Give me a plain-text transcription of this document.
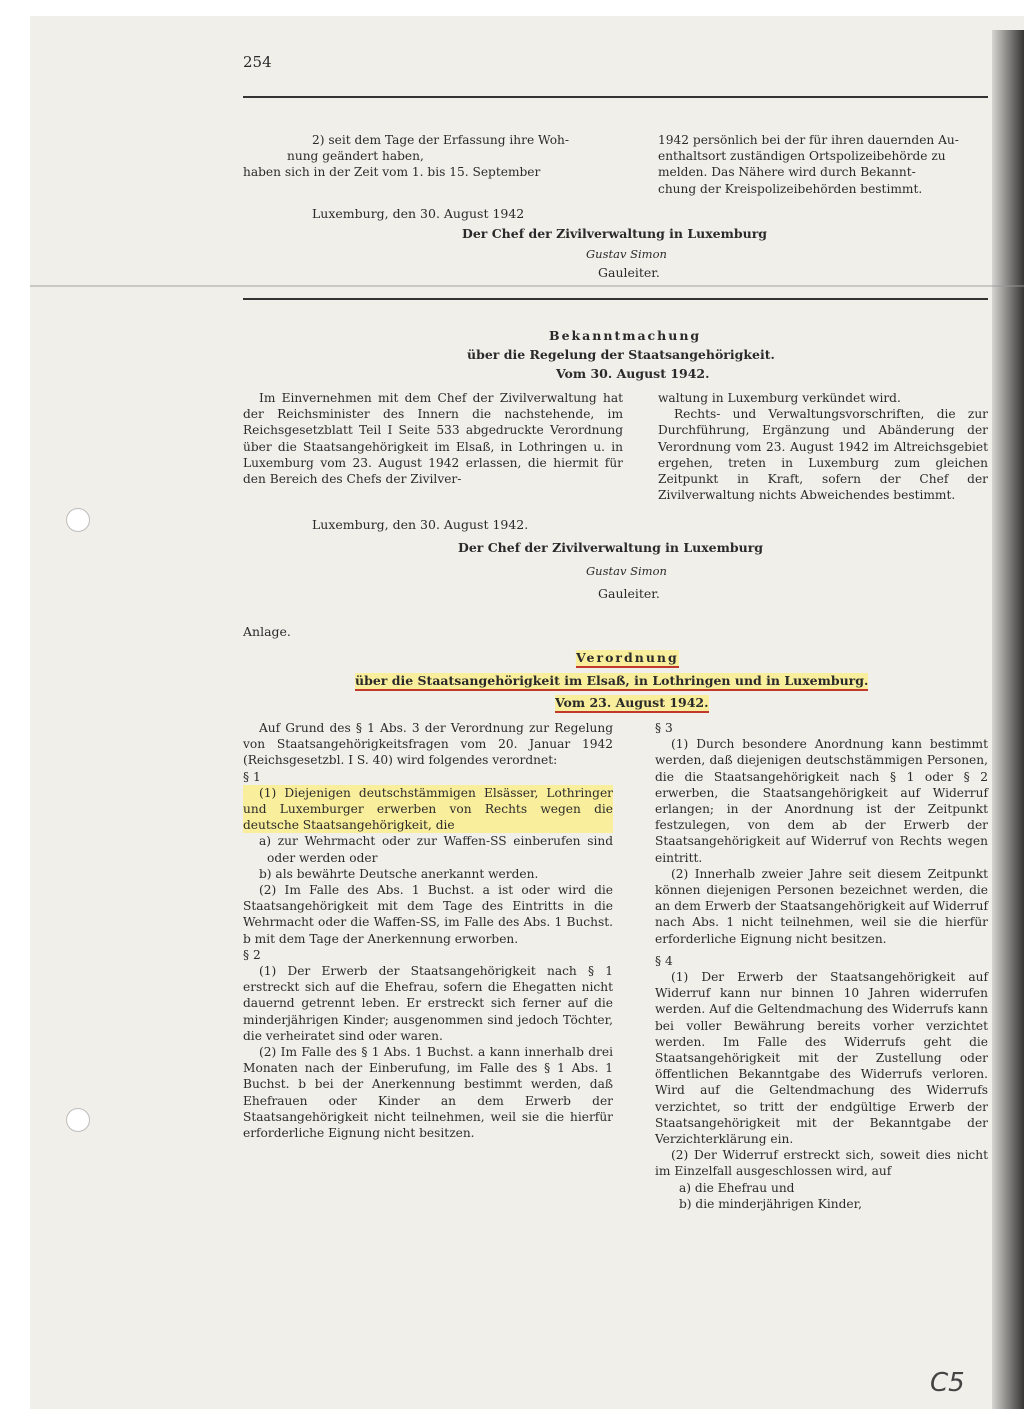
254

2) seit dem Tage der Erfassung ihre Woh-

nung geändert haben,

haben sich in der Zeit vom 1. bis 15. September

1942 persönlich bei der für ihren dauernden Au-

enthaltsort zuständigen Ortspolizeibehörde zu

melden. Das Nähere wird durch Bekannt-

chung der Kreispolizeibehörden bestimmt.

Luxemburg, den 30. August 1942
Der Chef der Zivilverwaltung in Luxemburg
Gustav Simon
Gauleiter.
Bekanntmachung
über die Regelung der Staatsangehörigkeit.
Vom 30. August 1942.

Im Einvernehmen mit dem Chef der Zivilverwaltung hat der Reichsminister des Innern die nachstehende, im Reichsgesetzblatt Teil I Seite 533 abgedruckte Verordnung über die Staatsangehörigkeit im Elsaß, in Lothringen u. in Luxemburg vom 23. August 1942 erlassen, die hiermit für den Bereich des Chefs der Zivilver-

waltung in Luxemburg verkündet wird.

Rechts- und Verwaltungsvorschriften, die zur Durchführung, Ergänzung und Abänderung der Verordnung vom 23. August 1942 im Altreichsgebiet ergehen, treten in Luxemburg zum gleichen Zeitpunkt in Kraft, sofern der Chef der Zivilverwaltung nichts Abweichendes bestimmt.

Luxemburg, den 30. August 1942.
Der Chef der Zivilverwaltung in Luxemburg
Gustav Simon
Gauleiter.
Anlage.
Verordnung
über die Staatsangehörigkeit im Elsaß, in Lothringen und in Luxemburg.
Vom 23. August 1942.

Auf Grund des § 1 Abs. 3 der Verordnung zur Regelung von Staatsangehörigkeitsfragen vom 20. Januar 1942 (Reichsgesetzbl. I S. 40) wird folgendes verordnet:

§ 1

(1) Diejenigen deutschstämmigen Elsässer, Lothringer und Luxemburger erwerben von Rechts wegen die deutsche Staatsangehörigkeit, die

a) zur Wehrmacht oder zur Waffen-SS einberufen sind oder werden oder

b) als bewährte Deutsche anerkannt werden.

(2) Im Falle des Abs. 1 Buchst. a ist oder wird die Staatsangehörigkeit mit dem Tage des Eintritts in die Wehrmacht oder die Waffen-SS, im Falle des Abs. 1 Buchst. b mit dem Tage der Anerkennung erworben.

§ 2

(1) Der Erwerb der Staatsangehörigkeit nach § 1 erstreckt sich auf die Ehefrau, sofern die Ehegatten nicht dauernd getrennt leben. Er erstreckt sich ferner auf die minderjährigen Kinder; ausgenommen sind jedoch Töchter, die verheiratet sind oder waren.

(2) Im Falle des § 1 Abs. 1 Buchst. a kann innerhalb drei Monaten nach der Einberufung, im Falle des § 1 Abs. 1 Buchst. b bei der Anerkennung bestimmt werden, daß Ehefrauen oder Kinder an dem Erwerb der Staatsangehörigkeit nicht teilnehmen, weil sie die hierfür erforderliche Eignung nicht besitzen.

§ 3

(1) Durch besondere Anordnung kann bestimmt werden, daß diejenigen deutschstämmigen Personen, die die Staatsangehörigkeit nach § 1 oder § 2 erwerben, die Staatsangehörigkeit auf Widerruf erlangen; in der Anordnung ist der Zeitpunkt festzulegen, von dem ab der Erwerb der Staatsangehörigkeit auf Widerruf von Rechts wegen eintritt.

(2) Innerhalb zweier Jahre seit diesem Zeitpunkt können diejenigen Personen bezeichnet werden, die an dem Erwerb der Staatsangehörigkeit auf Widerruf nach Abs. 1 nicht teilnehmen, weil sie die hierfür erforderliche Eignung nicht besitzen.

§ 4

(1) Der Erwerb der Staatsangehörigkeit auf Widerruf kann nur binnen 10 Jahren widerrufen werden. Auf die Geltendmachung des Widerrufs kann bei voller Bewährung bereits vorher verzichtet werden. Im Falle des Widerrufs geht die Staatsangehörigkeit mit der Zustellung oder öffentlichen Bekanntgabe des Widerrufs verloren. Wird auf die Geltendmachung des Widerrufs verzichtet, so tritt der endgültige Erwerb der Staatsangehörigkeit mit der Bekanntgabe der Verzichterklärung ein.

(2) Der Widerruf erstreckt sich, soweit dies nicht im Einzelfall ausgeschlossen wird, auf

a) die Ehefrau und

b) die minderjährigen Kinder,

C5
